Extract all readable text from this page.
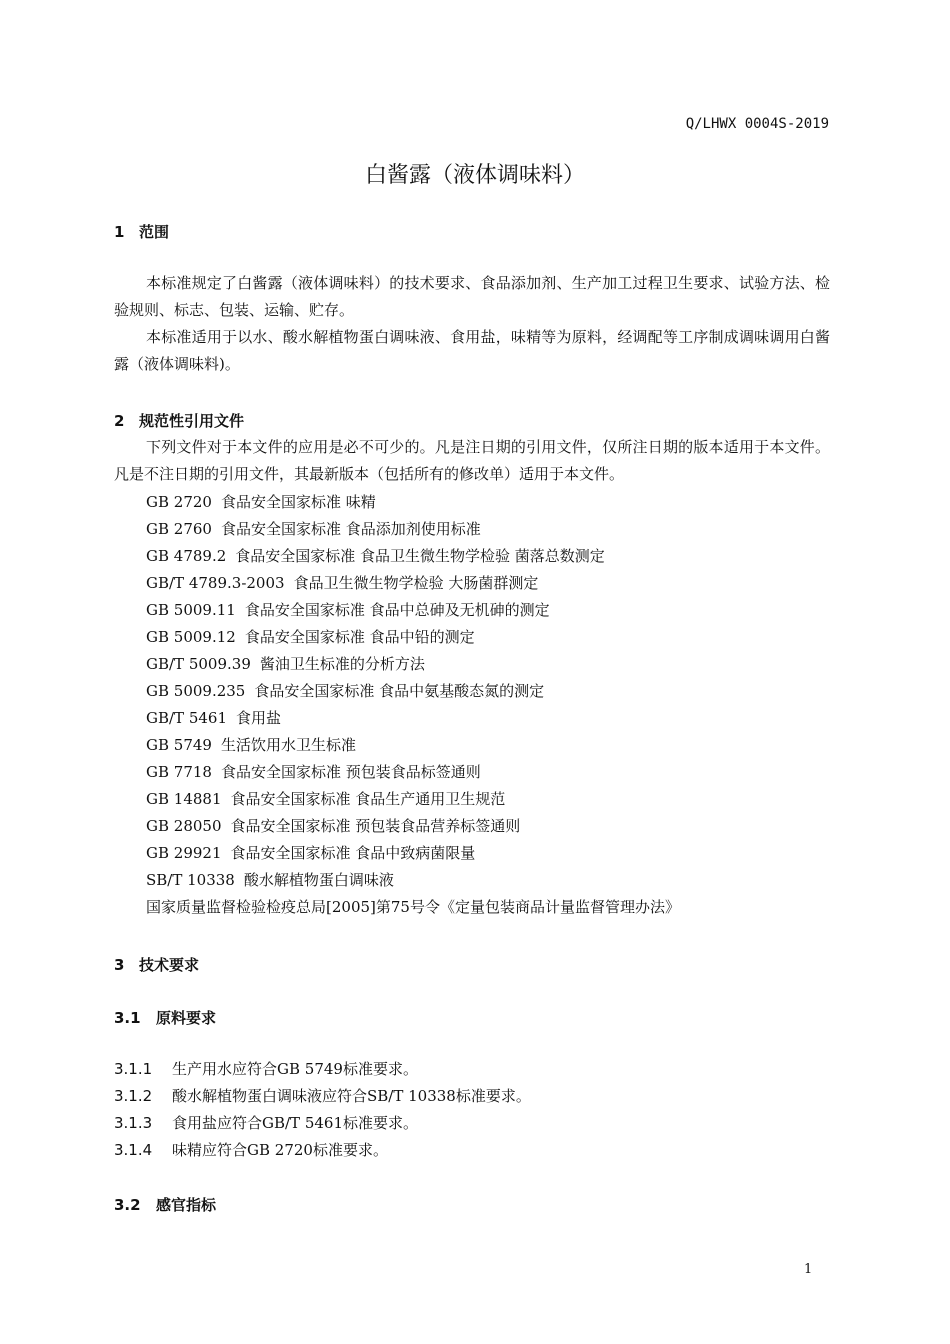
Q/LHWX 0004S-2019
白酱露（液体调味料）
1 范围
本标准规定了白酱露（液体调味料）的技术要求、食品添加剂、生产加工过程卫生要求、试验方法、检验规则、标志、包装、运输、贮存。
本标准适用于以水、酸水解植物蛋白调味液、食用盐，味精等为原料，经调配等工序制成调味调用白酱露（液体调味料)。
2 规范性引用文件
下列文件对于本文件的应用是必不可少的。凡是注日期的引用文件，仅所注日期的版本适用于本文件。凡是不注日期的引用文件，其最新版本（包括所有的修改单）适用于本文件。
GB 2720 食品安全国家标准 味精
GB 2760 食品安全国家标准 食品添加剂使用标准
GB 4789.2 食品安全国家标准 食品卫生微生物学检验 菌落总数测定
GB/T 4789.3-2003 食品卫生微生物学检验 大肠菌群测定
GB 5009.11 食品安全国家标准 食品中总砷及无机砷的测定
GB 5009.12 食品安全国家标准 食品中铅的测定
GB/T 5009.39 酱油卫生标准的分析方法
GB 5009.235 食品安全国家标准 食品中氨基酸态氮的测定
GB/T 5461 食用盐
GB 5749 生活饮用水卫生标准
GB 7718 食品安全国家标准 预包装食品标签通则
GB 14881 食品安全国家标准 食品生产通用卫生规范
GB 28050 食品安全国家标准 预包装食品营养标签通则
GB 29921 食品安全国家标准 食品中致病菌限量
SB/T 10338 酸水解植物蛋白调味液
国家质量监督检验检疫总局[2005]第75号令《定量包装商品计量监督管理办法》
3 技术要求
3.1 原料要求
3.1.1 生产用水应符合GB 5749标准要求。
3.1.2 酸水解植物蛋白调味液应符合SB/T 10338标准要求。
3.1.3 食用盐应符合GB/T 5461标准要求。
3.1.4 味精应符合GB 2720标准要求。
3.2 感官指标
1
